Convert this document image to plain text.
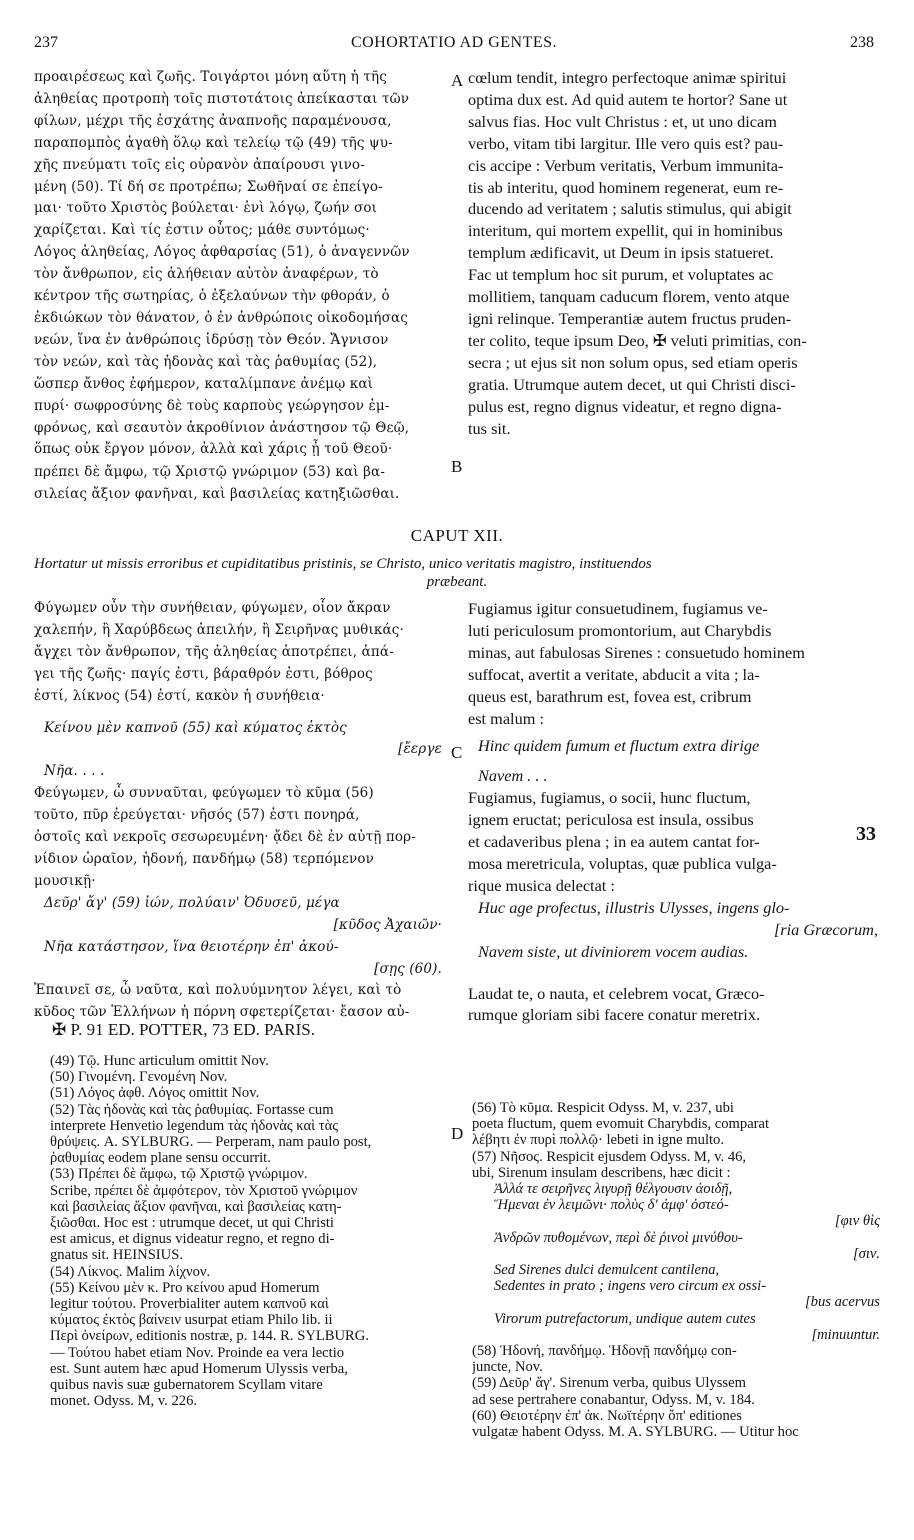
237	COHORTATIO AD GENTES.	238
προαιρέσεως καὶ ζωῆς. Τοιγάρτοι μόνη αὕτη ἡ τῆς
ἀληθείας προτροπὴ τοῖς πιστοτάτοις ἀπείκασται τῶν
φίλων, μέχρι τῆς ἐσχάτης ἀναπνοῆς παραμένουσα,
παραπομπὸς ἀγαθὴ ὅλῳ καὶ τελείῳ τῷ (49) τῆς ψυ-
χῆς πνεύματι τοῖς εἰς οὐρανὸν ἀπαίρουσι γινο-
μένη (50). Τί δή σε προτρέπω; Σωθῆναί σε ἐπείγο-
μαι· τοῦτο Χριστὸς βούλεται· ἑνὶ λόγῳ, ζωήν σοι
χαρίζεται. Καὶ τίς ἐστιν οὗτος; μάθε συντόμως·
Λόγος ἀληθείας, Λόγος ἀφθαρσίας (51), ὁ ἀναγεννῶν
τὸν ἄνθρωπον, εἰς ἀλήθειαν αὐτὸν ἀναφέρων, τὸ
κέντρον τῆς σωτηρίας, ὁ ἐξελαύνων τὴν φθοράν, ὁ
ἐκδιώκων τὸν θάνατον, ὁ ἐν ἀνθρώποις οἰκοδομήσας
νεών, ἵνα ἐν ἀνθρώποις ἱδρύσῃ τὸν Θεόν. Ἄγνισον
τὸν νεών, καὶ τὰς ἡδονὰς καὶ τὰς ῥαθυμίας (52),
ὥσπερ ἄνθος ἐφήμερον, καταλίμπανε ἀνέμῳ καὶ
πυρί· σωφροσύνης δὲ τοὺς καρποὺς γεώργησον ἐμ-
φρόνως, καὶ σεαυτὸν ἀκροθίνιον ἀνάστησον τῷ Θεῷ,
ὅπως οὐκ ἔργον μόνον, ἀλλὰ καὶ χάρις ᾖ τοῦ Θεοῦ·
A cœlum tendit, integro perfectoque animæ spiritui
optima dux est. Ad quid autem te hortor? Sane ut
salvus fias. Hoc vult Christus : et, ut uno dicam
verbo, vitam tibi largitur. Ille vero quis est? pau-
cis accipe : Verbum veritatis, Verbum immunita-
tis ab interitu, quod hominem regenerat, eum re-
ducendo ad veritatem ; salutis stimulus, qui abigit
interitum, qui mortem expellit, qui in hominibus
templum ædificavit, ut Deum in ipsis statueret.
Fac ut templum hoc sit purum, et voluptates ac
mollitiem, tanquam caducum florem, vento atque
igni relinque. Temperantiæ autem fructus pruden-
ter colito, teque ipsum Deo, ✠ veluti primitias, con-
secra ; ut ejus sit non solum opus, sed etiam operis
gratia. Utrumque autem decet, ut qui Christi disci-
pulus est, regno dignus videatur, et regno digna-
tus sit.
B
πρέπει δὲ ἄμφω, τῷ Χριστῷ γνώριμον (53) καὶ βα-
σιλείας ἄξιον φανῆναι, καὶ βασιλείας κατηξιῶσθαι.
CAPUT XII.
Hortatur ut missis erroribus et cupiditatibus pristinis, se Christo, unico veritatis magistro, instituendos
præbeant.
Φύγωμεν οὖν τὴν συνήθειαν, φύγωμεν, οἷον ἄκραν
χαλεπήν, ἢ Χαρύβδεως ἀπειλήν, ἢ Σειρῆνας μυθικάς·
ἄγχει τὸν ἄνθρωπον, τῆς ἀληθείας ἀποτρέπει, ἀπά-
γει τῆς ζωῆς· παγίς ἐστι, βάραθρόν ἐστι, βόθρος
ἐστί, λίκνος (54) ἐστί, κακὸν ἡ συνήθεια·
Κείνου μὲν καπνοῦ (55) καὶ κύματος ἐκτὸς
[ἔεργε
Νῆα. . . .
Φεύγωμεν, ὦ συνναῦται, φεύγωμεν τὸ κῦμα (56)
τοῦτο, πῦρ ἐρεύγεται· νῆσός (57) ἐστι πονηρά,
ὀστοῖς καὶ νεκροῖς σεσωρευμένη· ᾄδει δὲ ἐν αὐτῇ πορ-
νίδιον ὡραῖον, ἡδονή, πανδήμῳ (58) τερπόμενον
μουσικῇ·
Δεῦρ' ἄγ' (59) ἰών, πολύαιν' Ὀδυσεῦ, μέγα
[κῦδος Ἀχαιῶν·
Νῆα κατάστησον, ἵνα θειοτέρην ἐπ' ἀκού-
[σῃς (60).
Ἐπαινεῖ σε, ὦ ναῦτα, καὶ πολυύμνητον λέγει, καὶ τὸ
κῦδος τῶν Ἑλλήνων ἡ πόρνη σφετερίζεται· ἔασον αὐ-
C
Fugiamus igitur consuetudinem, fugiamus ve-
luti periculosum promontorium, aut Charybdis
minas, aut fabulosas Sirenes : consuetudo hominem
suffocat, avertit a veritate, abducit a vita ; la-
queus est, barathrum est, fovea est, cribrum
est malum :
Hinc quidem fumum et fluctum extra dirige
Navem . . .
Fugiamus, fugiamus, o socii, hunc fluctum,
ignem eructat; periculosa est insula, ossibus
et cadaveribus plena ; in ea autem cantat for-
mosa meretricula, voluptas, quæ publica vulga-
rique musica delectat :
Huc age profectus, illustris Ulysses, ingens glo-
[ria Græcorum,
Navem siste, ut diviniorem vocem audias.
Laudat te, o nauta, et celebrem vocat, Græco-
rumque gloriam sibi facere conatur meretrix.
33
✠ P. 91 ED. POTTER, 73 ED. PARIS.
(49) Τῷ. Hunc articulum omittit Nov.
(50) Γινομένη. Γενομένη Nov.
(51) Λόγος ἀφθ. Λόγος omittit Nov.
(52) Τὰς ἡδονὰς καὶ τὰς ῥαθυμίας. Fortasse cum
interprete Henvetio legendum τὰς ἡδονὰς καὶ τὰς
θρύψεις. A. SYLBURG. — Perperam, nam paulo post,
ῥαθυμίας eodem plane sensu occurrit.
(53) Πρέπει δὲ ἄμφω, τῷ Χριστῷ γνώριμον.
Scribe, πρέπει δὲ ἀμφότερον, τὸν Χριστοῦ γνώριμον
καὶ βασιλείας ἄξιον φανῆναι, καὶ βασιλείας κατη-
ξιῶσθαι. Hoc est : utrumque decet, ut qui Christi
est amicus, et dignus videatur regno, et regno di-
gnatus sit. HEINSIUS.
(54) Λίκνος. Malim λίχνον.
(55) Κείνου μὲν κ. Pro κείνου apud Homerum
legitur τούτου. Proverbialiter autem καπνοῦ καὶ
κύματος ἐκτὸς βαίνειν usurpat etiam Philo lib. ii
Περὶ ὀνείρων, editionis nostræ, p. 144. R. SYLBURG.
— Τούτου habet etiam Nov. Proinde ea vera lectio
est. Sunt autem hæc apud Homerum Ulyssis verba,
quibus navis suæ gubernatorem Scyllam vitare
monet. Odyss. M, v. 226.
D
(56) Τὸ κῦμα. Respicit Odyss. M, v. 237, ubi
poeta fluctum, quem evomuit Charybdis, comparat
λέβητι ἐν πυρὶ πολλῷ· lebeti in igne multo.
(57) Νῆσος. Respicit ejusdem Odyss. M, v. 46,
ubi, Sirenum insulam describens, hæc dicit :
Ἀλλά τε σειρῆνες λιγυρῇ θέλγουσιν ἀοιδῇ,
Ἥμεναι ἐν λειμῶνι· πολὺς δ' ἀμφ' ὀστεό-
[φιν θὶς
Ἀνδρῶν πυθομένων, περὶ δὲ ῥινοὶ μινύθου-
[σιν.
Sed Sirenes dulci demulcent cantilena,
Sedentes in prato ; ingens vero circum ex ossi-
[bus acervus
Virorum putrefactorum, undique autem cutes
[minuuntur.
(58) Ἡδονή, πανδήμῳ. Ἡδονῇ πανδήμῳ con-
juncte, Nov.
(59) Δεῦρ' ἄγ'. Sirenum verba, quibus Ulyssem
ad sese pertrahere conabantur, Odyss. M, v. 184.
(60) Θειοτέρην ἐπ' ἀκ. Νωϊτέρην ὄπ' editiones
vulgatæ habent Odyss. M. A. SYLBURG. — Utitur hoc
